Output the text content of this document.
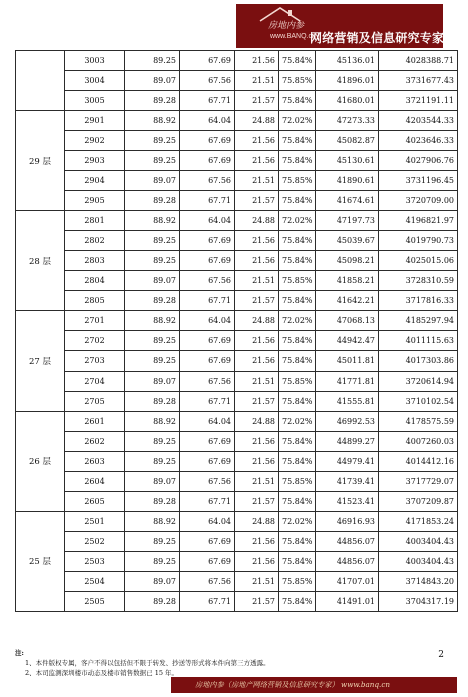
房地内参
www.BANQ.cn
网络营销及信息研究专家
	3003	89.25	67.69	21.56	75.84%	45136.01	4028388.71
	3004	89.07	67.56	21.51	75.85%	41896.01	3731677.43
	3005	89.28	67.71	21.57	75.84%	41680.01	3721191.11
29 层	2901	88.92	64.04	24.88	72.02%	47273.33	4203544.33
	2902	89.25	67.69	21.56	75.84%	45082.87	4023646.33
	2903	89.25	67.69	21.56	75.84%	45130.61	4027906.76
	2904	89.07	67.56	21.51	75.85%	41890.61	3731196.45
	2905	89.28	67.71	21.57	75.84%	41674.61	3720709.00
28 层	2801	88.92	64.04	24.88	72.02%	47197.73	4196821.97
	2802	89.25	67.69	21.56	75.84%	45039.67	4019790.73
	2803	89.25	67.69	21.56	75.84%	45098.21	4025015.06
	2804	89.07	67.56	21.51	75.85%	41858.21	3728310.59
	2805	89.28	67.71	21.57	75.84%	41642.21	3717816.33
27 层	2701	88.92	64.04	24.88	72.02%	47068.13	4185297.94
	2702	89.25	67.69	21.56	75.84%	44942.47	4011115.63
	2703	89.25	67.69	21.56	75.84%	45011.81	4017303.86
	2704	89.07	67.56	21.51	75.85%	41771.81	3720614.94
	2705	89.28	67.71	21.57	75.84%	41555.81	3710102.54
26 层	2601	88.92	64.04	24.88	72.02%	46992.53	4178575.59
	2602	89.25	67.69	21.56	75.84%	44899.27	4007260.03
	2603	89.25	67.69	21.56	75.84%	44979.41	4014412.16
	2604	89.07	67.56	21.51	75.85%	41739.41	3717729.07
	2605	89.28	67.71	21.57	75.84%	41523.41	3707209.87
25 层	2501	88.92	64.04	24.88	72.02%	46916.93	4171853.24
	2502	89.25	67.69	21.56	75.84%	44856.07	4003404.43
	2503	89.25	67.69	21.56	75.84%	44856.07	4003404.43
	2504	89.07	67.56	21.51	75.85%	41707.01	3714843.20
	2505	89.28	67.71	21.57	75.84%	41491.01	3704317.19
注:
1、本件版权专属，客户不得以包括但不限于转发、抄送等形式将本件向第三方透露。
2、本司监测深圳楼市动态及楼市销售数据已 15 年。
2
房地内参（房地产网络营销及信息研究专家） www.banq.cn
